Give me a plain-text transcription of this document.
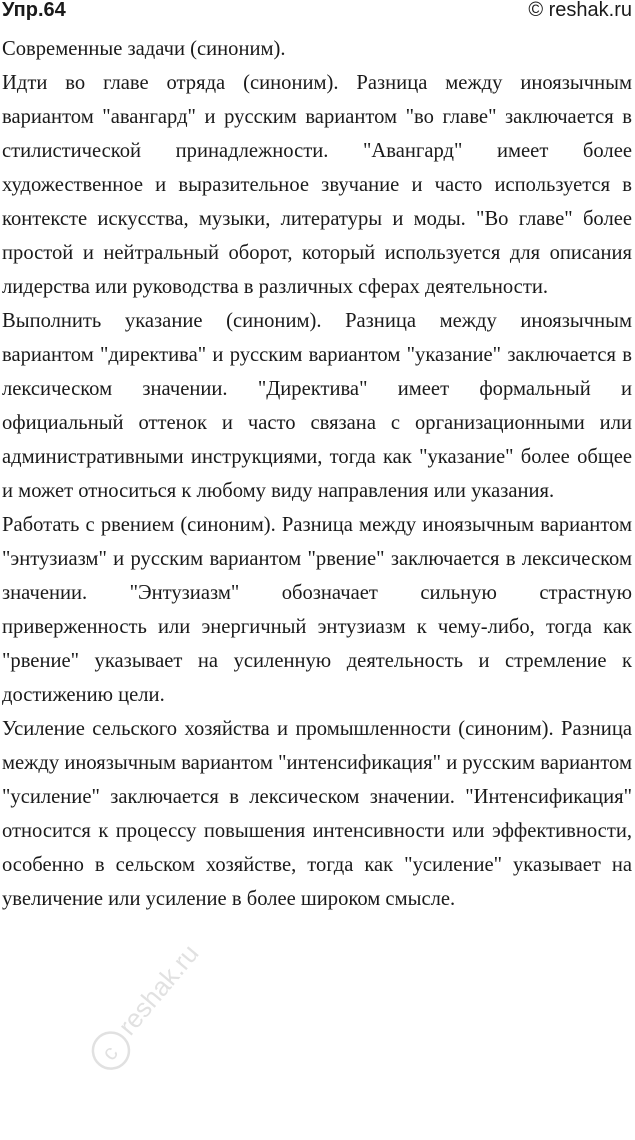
Упр.64	© reshak.ru

Современные задачи (синоним).

Идти во главе отряда (синоним). Разница между иноязычным вариантом "авангард" и русским вариантом "во главе" заключается в стилистической принадлежности. "Авангард" имеет более художественное и выразительное звучание и часто используется в контексте искусства, музыки, литературы и моды. "Во главе" более простой и нейтральный оборот, который используется для описания лидерства или руководства в различных сферах деятельности.

Выполнить указание (синоним). Разница между иноязычным вариантом "директива" и русским вариантом "указание" заключается в лексическом значении. "Директива" имеет формальный и официальный оттенок и часто связана с организационными или административными инструкциями, тогда как "указание" более общее и может относиться к любому виду направления или указания.

Работать с рвением (синоним). Разница между иноязычным вариантом "энтузиазм" и русским вариантом "рвение" заключается в лексическом значении. "Энтузиазм" обозначает сильную страстную приверженность или энергичный энтузиазм к чему-либо, тогда как "рвение" указывает на усиленную деятельность и стремление к достижению цели.

Усиление сельского хозяйства и промышленности (синоним). Разница между иноязычным вариантом "интенсификация" и русским вариантом "усиление" заключается в лексическом значении. "Интенсификация" относится к процессу повышения интенсивности или эффективности, особенно в сельском хозяйстве, тогда как "усиление" указывает на увеличение или усиление в более широком смысле.

c
reshak.ru
